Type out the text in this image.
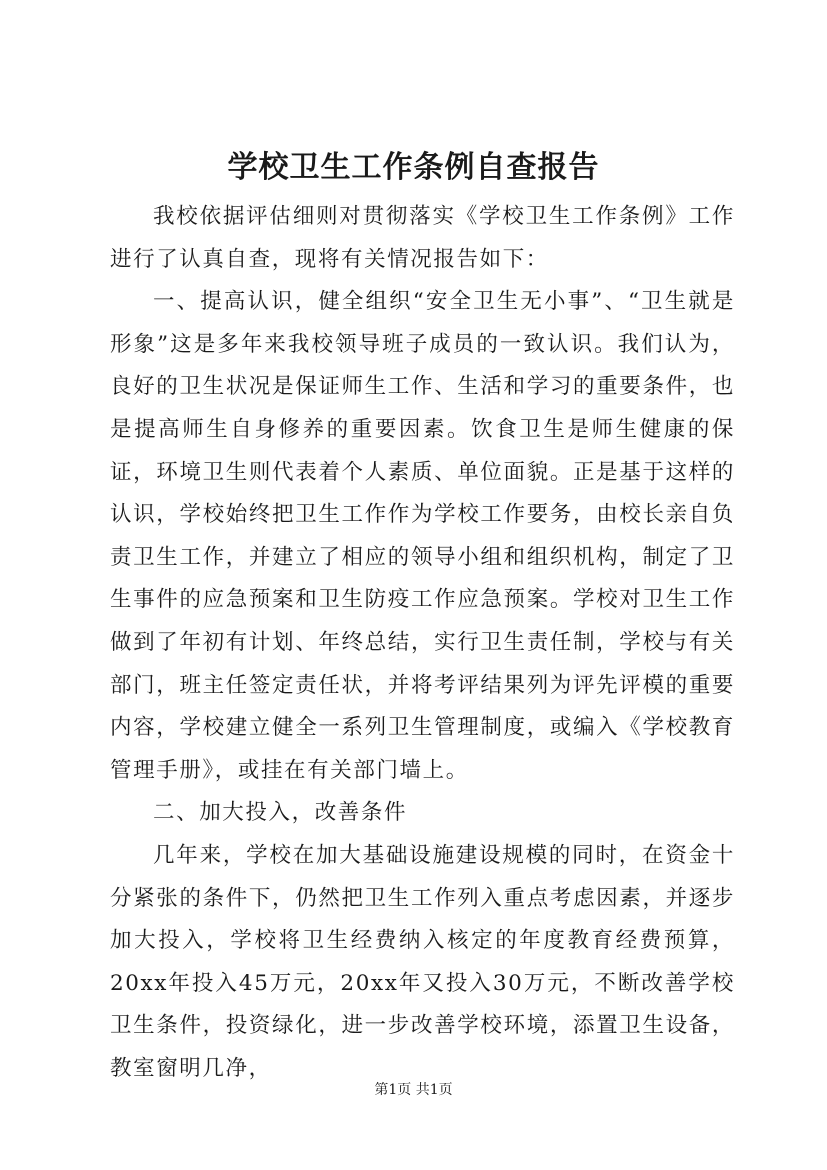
学校卫生工作条例自查报告

我校依据评估细则对贯彻落实《学校卫生工作条例》工作进行了认真自查，现将有关情况报告如下：

一、提高认识，健全组织“安全卫生无小事”、“卫生就是形象”这是多年来我校领导班子成员的一致认识。我们认为，良好的卫生状况是保证师生工作、生活和学习的重要条件，也是提高师生自身修养的重要因素。饮食卫生是师生健康的保证，环境卫生则代表着个人素质、单位面貌。正是基于这样的认识，学校始终把卫生工作作为学校工作要务，由校长亲自负责卫生工作，并建立了相应的领导小组和组织机构，制定了卫生事件的应急预案和卫生防疫工作应急预案。学校对卫生工作做到了年初有计划、年终总结，实行卫生责任制，学校与有关部门，班主任签定责任状，并将考评结果列为评先评模的重要内容，学校建立健全一系列卫生管理制度，或编入《学校教育管理手册》，或挂在有关部门墙上。

二、加大投入，改善条件

几年来，学校在加大基础设施建设规模的同时，在资金十分紧张的条件下，仍然把卫生工作列入重点考虑因素，并逐步加大投入，学校将卫生经费纳入核定的年度教育经费预算，20xx年投入45万元，20xx年又投入30万元，不断改善学校卫生条件，投资绿化，进一步改善学校环境，添置卫生设备，教室窗明几净，

第1页 共1页
